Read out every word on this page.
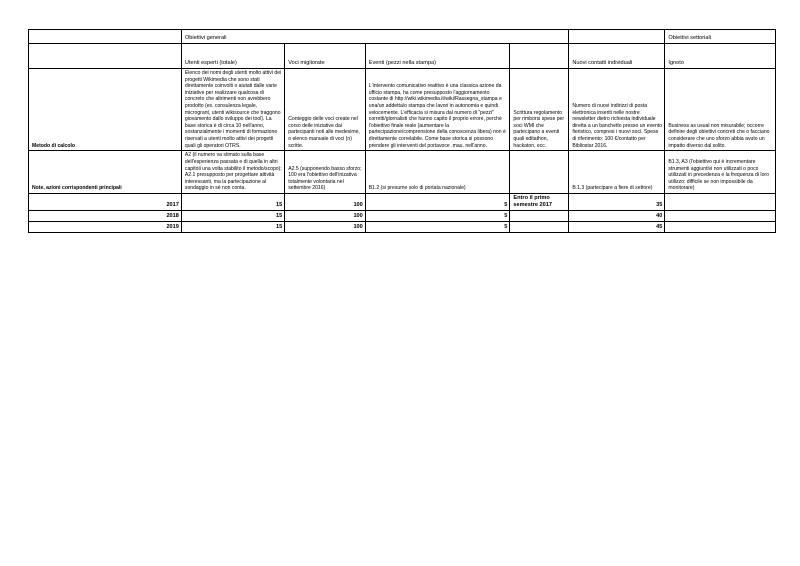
	Obiettivi generali					Obiettivi settoriali
	Utenti esperti (totale)	Voci migliorate	Eventi (pezzi nella stampa)		Nuovi contatti individuali	Ignoto
Metodo di calcolo	Elenco dei nomi degli utenti molto attivi dei progetti Wikimedia che sono stati direttamente coinvolti o aiutati dalle varie iniziative per realizzare qualcosa di concreto che altrimenti non avrebbero prodotto (es. consulenza legale, microgrant, utenti wikisource che traggono giovamento dallo sviluppo dei tool). La base storica è di circa 10 nell'anno, sostanzialmente i momenti di formazione riservati a utenti molto attivi dei progetti quali gli operatori OTRS.	Conteggio delle voci create nel corso delle iniziative dai partecipanti noti alle medesime, o elenco manuale di voci (n) scritte.	L'intervento comunicativo reattivo è una classica azione da ufficio stampa, ha come presupposto l'aggiornamento costante di http://wiki.wikimedia.it/wiki/Rassegna_stampa e una/un addetta/o stampa che lavori in autonomia e quindi velocemente. L'efficacia si misura dal numero di "pezzi" corretti/giornalisti che hanno capito il proprio errore, perché l'obiettivo finale reale (aumentare la partecipazione/comprensione della conoscenza libera) non è direttamente correlabile. Come base storica si possono prendere gli interventi del portavoce .mau. nell'anno.	Scrittura regolamento per rimborsi spese per soci WMI che partecipano a eventi quali editathon, hackaton, ecc.	Numero di nuovi indirizzi di posta elettronica inseriti nelle nostre newsletter dietro richiesta individuale diretta a un banchetto presso un evento fieristico, compresi i nuovi soci. Spese di riferimento: 100 €/contatto per Bibliostar 2016.	Business as usual non misurabile; occorre definire degli obiettivi concreti che o facciano considerare che uno sforzo abbia avuto un impatto diverso dal solito.
Note, azioni corrispondenti principali	A2 (il numero va stimato sulla base dell'esperienza passata e di quella in altri capitoli una volta stabilito il metodo/scopo); A2.1 presupposto per progettare attività interessanti, ma la partecipazione al sondaggio in sé non conta.	A2.5 (supponendo basso sforzo; 100 era l'obiettivo dell'inizativa totalmente volontaria nel settembre 2016)	B1.2 (si presume solo di portata nazionale)		B.1.3 (partecipare a fiere di settore)	B1.3, A3 (l'obiettivo qui è incrementare strumenti aggiuntivi non utilizzati o poco utilizzati in precedenza e la frequenza di loro utilizzo: difficile se non impossibile da monitorare)
2017	15	100	5	Entro il primo semestre 2017	35	
2018	15	100	5		40	
2019	15	100	5		45	
